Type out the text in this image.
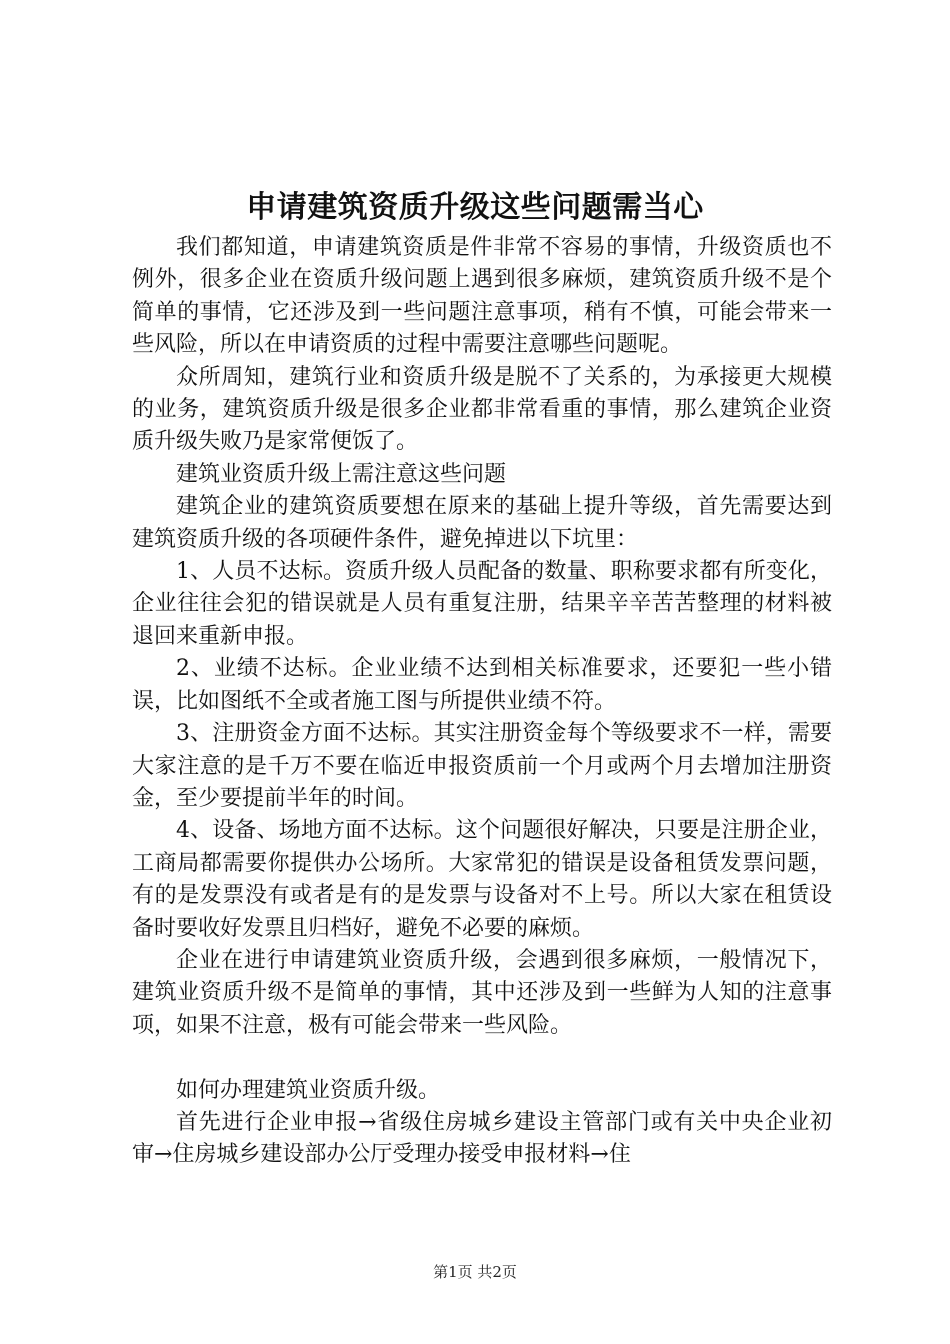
申请建筑资质升级这些问题需当心

我们都知道，申请建筑资质是件非常不容易的事情，升级资质也不例外，很多企业在资质升级问题上遇到很多麻烦，建筑资质升级不是个简单的事情，它还涉及到一些问题注意事项，稍有不慎，可能会带来一些风险，所以在申请资质的过程中需要注意哪些问题呢。

众所周知，建筑行业和资质升级是脱不了关系的，为承接更大规模的业务，建筑资质升级是很多企业都非常看重的事情，那么建筑企业资质升级失败乃是家常便饭了。

建筑业资质升级上需注意这些问题

建筑企业的建筑资质要想在原来的基础上提升等级，首先需要达到建筑资质升级的各项硬件条件，避免掉进以下坑里：

1、人员不达标。资质升级人员配备的数量、职称要求都有所变化，企业往往会犯的错误就是人员有重复注册，结果辛辛苦苦整理的材料被退回来重新申报。

2、业绩不达标。企业业绩不达到相关标准要求，还要犯一些小错误，比如图纸不全或者施工图与所提供业绩不符。

3、注册资金方面不达标。其实注册资金每个等级要求不一样，需要大家注意的是千万不要在临近申报资质前一个月或两个月去增加注册资金，至少要提前半年的时间。

4、设备、场地方面不达标。这个问题很好解决，只要是注册企业，工商局都需要你提供办公场所。大家常犯的错误是设备租赁发票问题，有的是发票没有或者是有的是发票与设备对不上号。所以大家在租赁设备时要收好发票且归档好，避免不必要的麻烦。

企业在进行申请建筑业资质升级，会遇到很多麻烦，一般情况下，建筑业资质升级不是简单的事情，其中还涉及到一些鲜为人知的注意事项，如果不注意，极有可能会带来一些风险。

如何办理建筑业资质升级。

首先进行企业申报→省级住房城乡建设主管部门或有关中央企业初审→住房城乡建设部办公厅受理办接受申报材料→住

第1页 共2页
